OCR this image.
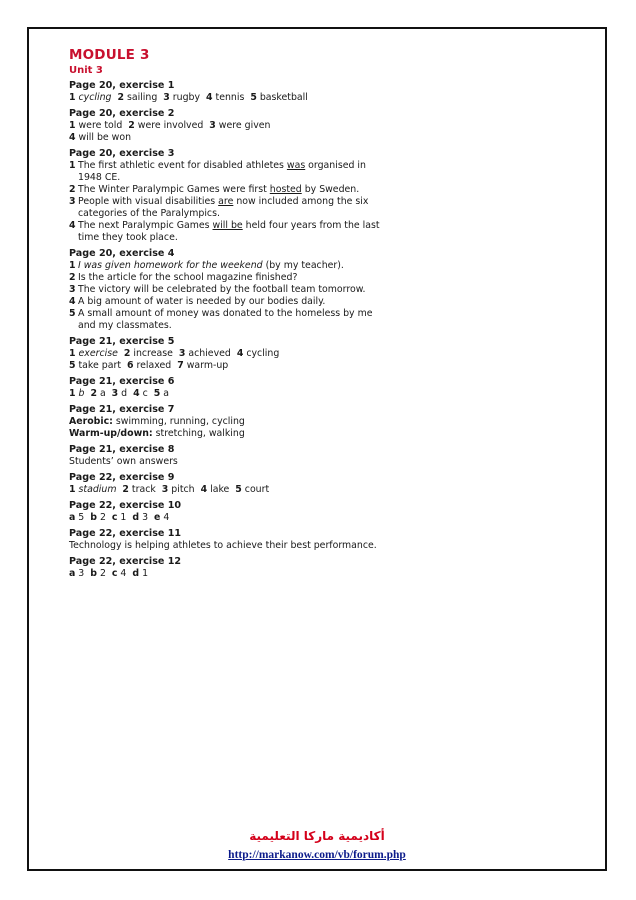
MODULE 3
Unit 3
Page 20, exercise 1
1 cycling 2 sailing 3 rugby 4 tennis 5 basketball
Page 20, exercise 2
1 were told 2 were involved 3 were given
4 will be won
Page 20, exercise 3
1 The first athletic event for disabled athletes was organised in 1948 CE.
2 The Winter Paralympic Games were first hosted by Sweden.
3 People with visual disabilities are now included among the six categories of the Paralympics.
4 The next Paralympic Games will be held four years from the last time they took place.
Page 20, exercise 4
1 I was given homework for the weekend (by my teacher).
2 Is the article for the school magazine finished?
3 The victory will be celebrated by the football team tomorrow.
4 A big amount of water is needed by our bodies daily.
5 A small amount of money was donated to the homeless by me and my classmates.
Page 21, exercise 5
1 exercise 2 increase 3 achieved 4 cycling
5 take part 6 relaxed 7 warm-up
Page 21, exercise 6
1 b 2 a 3 d 4 c 5 a
Page 21, exercise 7
Aerobic: swimming, running, cycling
Warm-up/down: stretching, walking
Page 21, exercise 8
Students’ own answers
Page 22, exercise 9
1 stadium 2 track 3 pitch 4 lake 5 court
Page 22, exercise 10
a 5 b 2 c 1 d 3 e 4
Page 22, exercise 11
Technology is helping athletes to achieve their best performance.
Page 22, exercise 12
a 3 b 2 c 4 d 1
أكاديمية ماركا التعليمية
http://markanow.com/vb/forum.php
